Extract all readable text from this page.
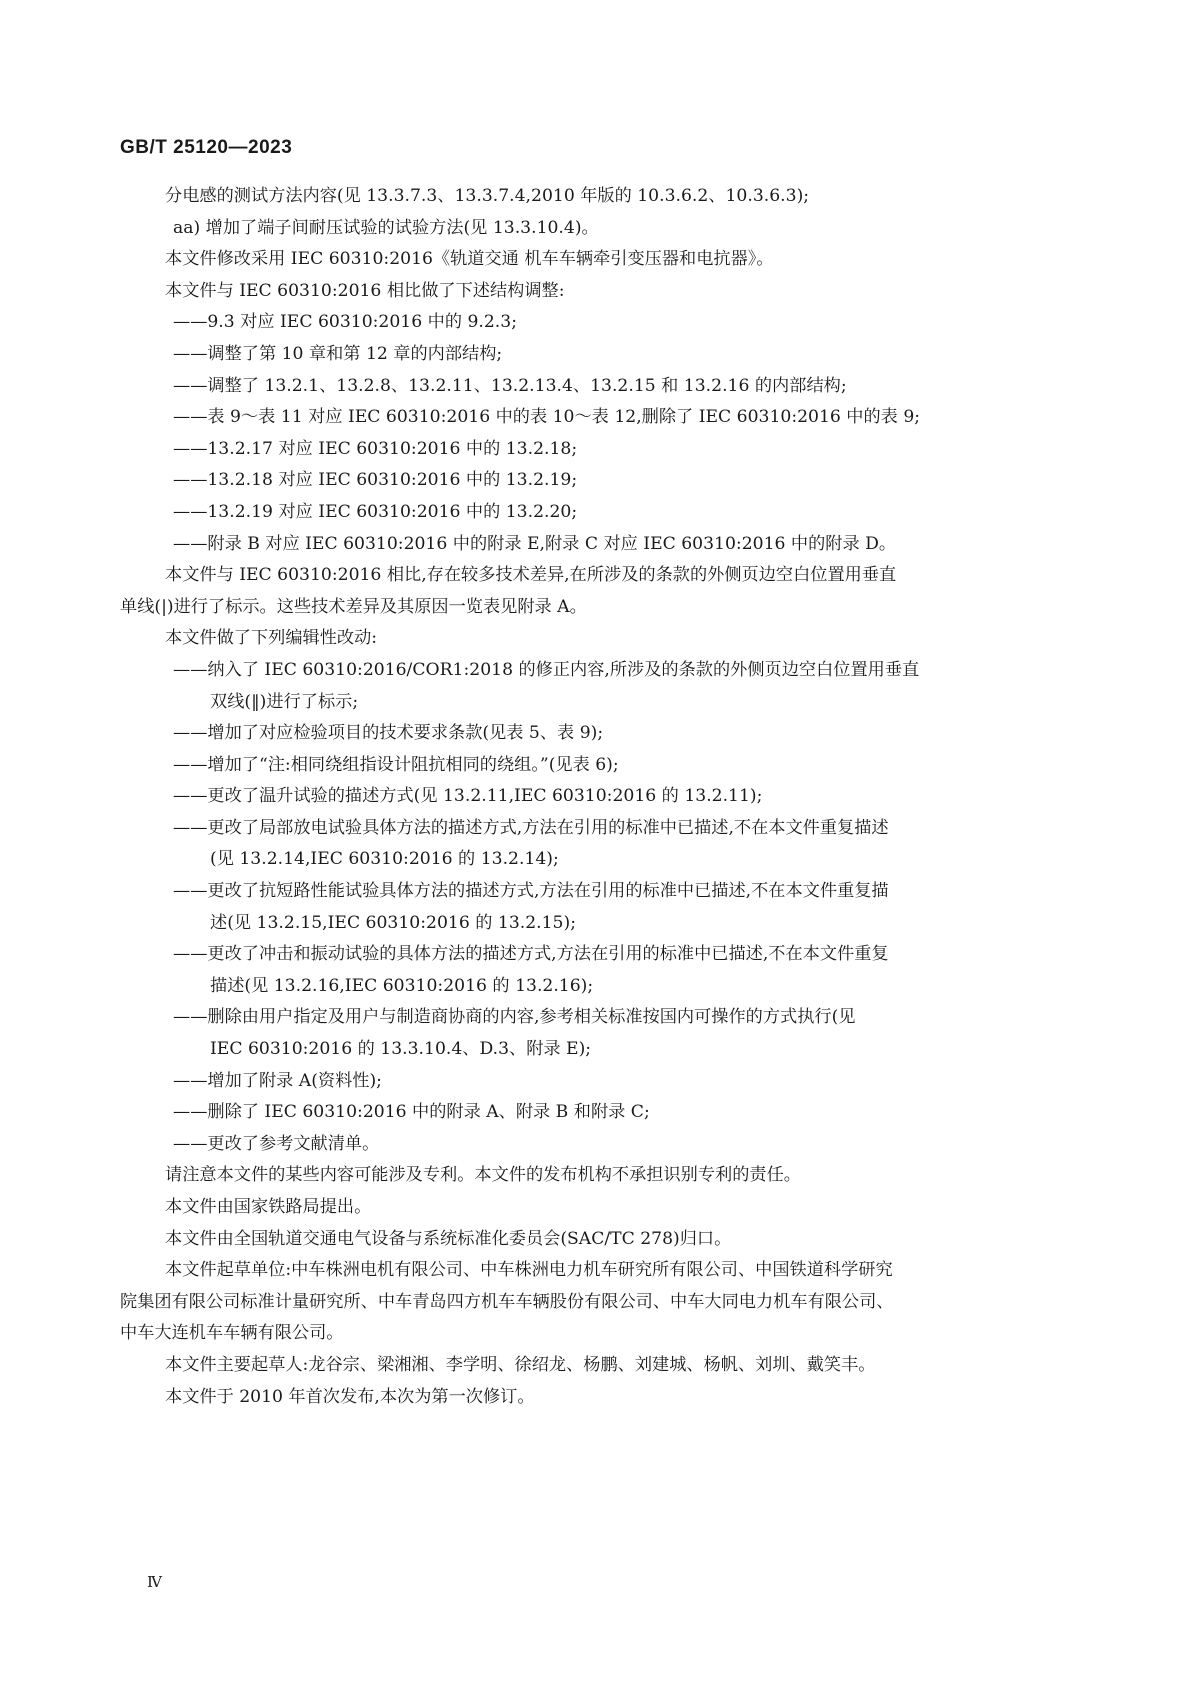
GB/T 25120—2023
分电感的测试方法内容(见 13.3.7.3、13.3.7.4,2010 年版的 10.3.6.2、10.3.6.3);
aa) 增加了端子间耐压试验的试验方法(见 13.3.10.4)。
本文件修改采用 IEC 60310:2016《轨道交通 机车车辆牵引变压器和电抗器》。
本文件与 IEC 60310:2016 相比做了下述结构调整:
——9.3 对应 IEC 60310:2016 中的 9.2.3;
——调整了第 10 章和第 12 章的内部结构;
——调整了 13.2.1、13.2.8、13.2.11、13.2.13.4、13.2.15 和 13.2.16 的内部结构;
——表 9～表 11 对应 IEC 60310:2016 中的表 10～表 12,删除了 IEC 60310:2016 中的表 9;
——13.2.17 对应 IEC 60310:2016 中的 13.2.18;
——13.2.18 对应 IEC 60310:2016 中的 13.2.19;
——13.2.19 对应 IEC 60310:2016 中的 13.2.20;
——附录 B 对应 IEC 60310:2016 中的附录 E,附录 C 对应 IEC 60310:2016 中的附录 D。
本文件与 IEC 60310:2016 相比,存在较多技术差异,在所涉及的条款的外侧页边空白位置用垂直
单线(|)进行了标示。这些技术差异及其原因一览表见附录 A。
本文件做了下列编辑性改动:
——纳入了 IEC 60310:2016/COR1:2018 的修正内容,所涉及的条款的外侧页边空白位置用垂直
双线(‖)进行了标示;
——增加了对应检验项目的技术要求条款(见表 5、表 9);
——增加了“注:相同绕组指设计阻抗相同的绕组。”(见表 6);
——更改了温升试验的描述方式(见 13.2.11,IEC 60310:2016 的 13.2.11);
——更改了局部放电试验具体方法的描述方式,方法在引用的标准中已描述,不在本文件重复描述
(见 13.2.14,IEC 60310:2016 的 13.2.14);
——更改了抗短路性能试验具体方法的描述方式,方法在引用的标准中已描述,不在本文件重复描
述(见 13.2.15,IEC 60310:2016 的 13.2.15);
——更改了冲击和振动试验的具体方法的描述方式,方法在引用的标准中已描述,不在本文件重复
描述(见 13.2.16,IEC 60310:2016 的 13.2.16);
——删除由用户指定及用户与制造商协商的内容,参考相关标准按国内可操作的方式执行(见
IEC 60310:2016 的 13.3.10.4、D.3、附录 E);
——增加了附录 A(资料性);
——删除了 IEC 60310:2016 中的附录 A、附录 B 和附录 C;
——更改了参考文献清单。
请注意本文件的某些内容可能涉及专利。本文件的发布机构不承担识别专利的责任。
本文件由国家铁路局提出。
本文件由全国轨道交通电气设备与系统标准化委员会(SAC/TC 278)归口。
本文件起草单位:中车株洲电机有限公司、中车株洲电力机车研究所有限公司、中国铁道科学研究
院集团有限公司标准计量研究所、中车青岛四方机车车辆股份有限公司、中车大同电力机车有限公司、
中车大连机车车辆有限公司。
本文件主要起草人:龙谷宗、梁湘湘、李学明、徐绍龙、杨鹏、刘建城、杨帆、刘圳、戴笑丰。
本文件于 2010 年首次发布,本次为第一次修订。
Ⅳ
